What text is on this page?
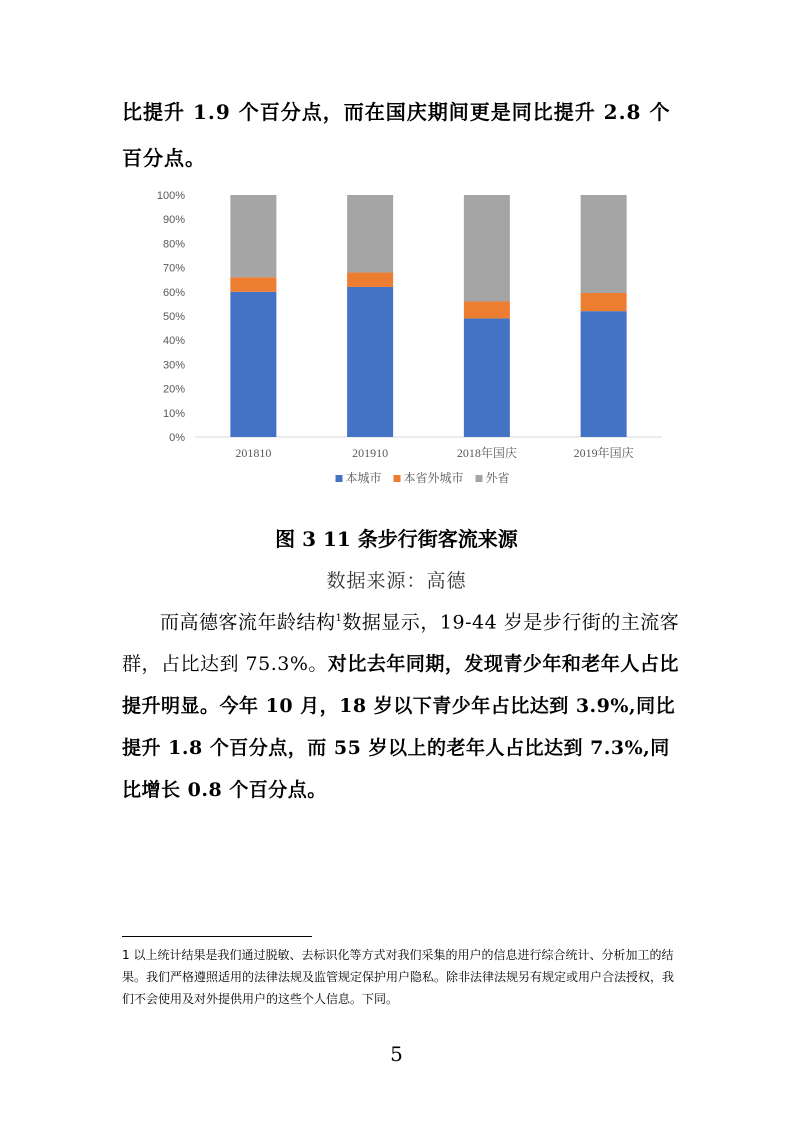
比提升 1.9 个百分点，而在国庆期间更是同比提升 2.8 个
百分点。
0%
10%
20%
30%
40%
50%
60%
70%
80%
90%
100%
201810	201910	2018年国庆	2019年国庆
本城市 本省外城市 外省
图 3 11 条步行街客流来源
数据来源：高德
而高德客流年龄结构$^1$数据显示，19-44 岁是步行街的主流客群，占比达到 75.3%。对比去年同期，发现青少年和老年人占比提升明显。今年 10 月，18 岁以下青少年占比达到 3.9%,同比提升 1.8 个百分点，而 55 岁以上的老年人占比达到 7.3%,同比增长 0.8 个百分点。
1 以上统计结果是我们通过脱敏、去标识化等方式对我们采集的用户的信息进行综合统计、分析加工的结果。我们严格遵照适用的法律法规及监管规定保护用户隐私。除非法律法规另有规定或用户合法授权，我们不会使用及对外提供用户的这些个人信息。下同。
5
